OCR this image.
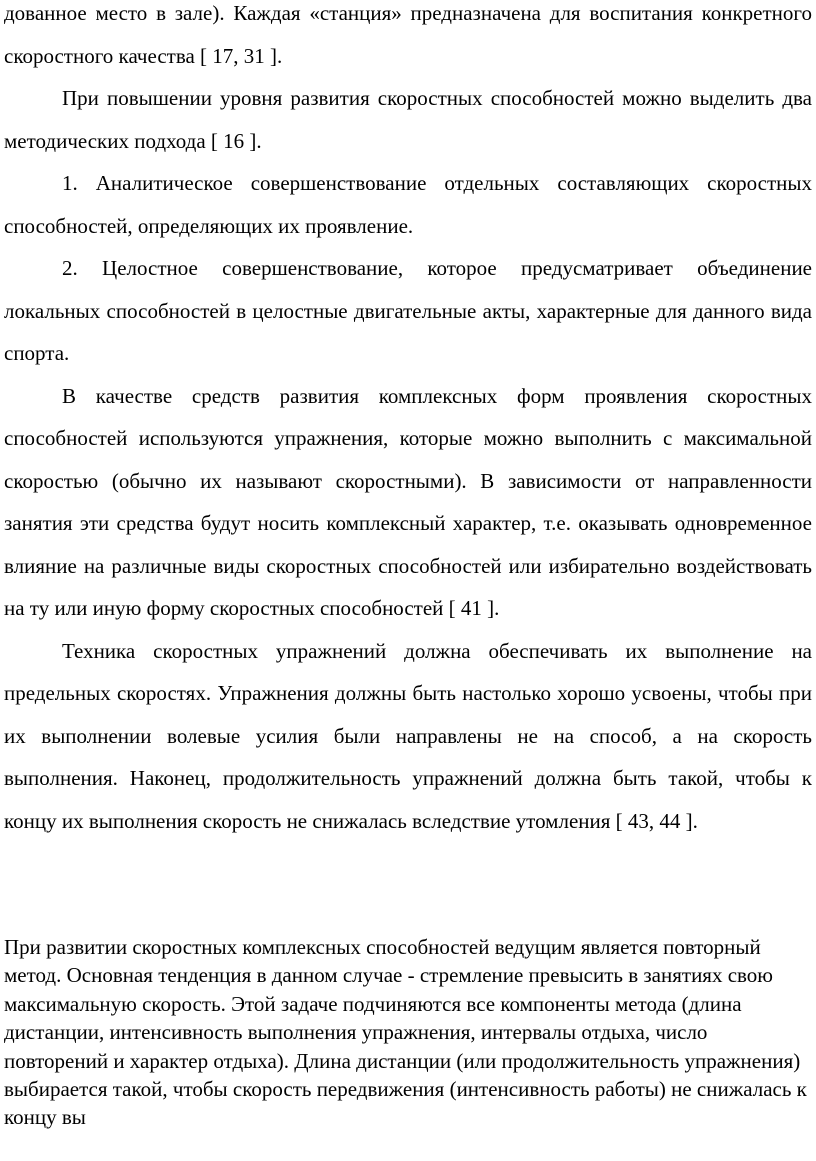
дованное место в зале). Каждая «станция» предназначена для воспитания конкретного скоростного качества [ 17, 31 ].

При повышении уровня развития скоростных способностей можно выделить два методических подхода [ 16 ].

1. Аналитическое совершенствование отдельных составляющих скоростных способностей, определяющих их проявление.

2. Целостное совершенствование, которое предусматривает объединение локальных способностей в целостные двигательные акты, характерные для данного вида спорта.

В качестве средств развития комплексных форм проявления скоростных способностей используются упражнения, которые можно выполнить с максимальной скоростью (обычно их называют скоростными). В зависимости от направленности занятия эти средства будут носить комплексный характер, т.е. оказывать одновременное влияние на различные виды скоростных способностей или избирательно воздействовать на ту или иную форму скоростных способностей [ 41 ].

Техника скоростных упражнений должна обеспечивать их выполнение на предельных скоростях. Упражнения должны быть настолько хорошо усвоены, чтобы при их выполнении волевые усилия были направлены не на способ, а на скорость выполнения. Наконец, продолжительность упражнений должна быть такой, чтобы к концу их выполнения скорость не снижалась вследствие утомления [ 43, 44 ].

При развитии скоростных комплексных способностей ведущим является повторный метод. Основная тенденция в данном случае - стремление превысить в занятиях свою максимальную скорость. Этой задаче подчиняются все компоненты метода (длина дистанции, интенсивность выполнения упражнения, интервалы отдыха, число повторений и характер отдыха). Длина дистанции (или продолжительность упражнения) выбирается такой, чтобы скорость передвижения (интенсивность работы) не снижалась к концу вы
